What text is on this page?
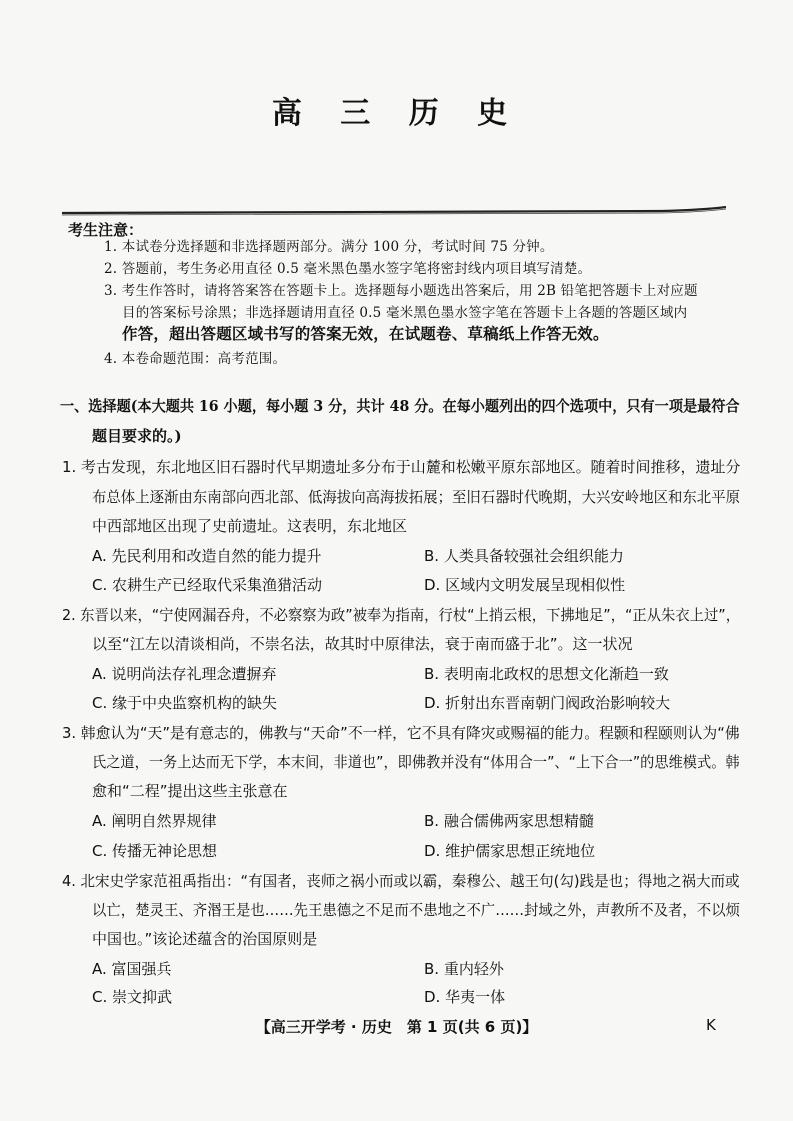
高 三 历 史
考生注意：
1. 本试卷分选择题和非选择题两部分。满分 100 分，考试时间 75 分钟。
2. 答题前，考生务必用直径 0.5 毫米黑色墨水签字笔将密封线内项目填写清楚。
3. 考生作答时，请将答案答在答题卡上。选择题每小题选出答案后，用 2B 铅笔把答题卡上对应题
目的答案标号涂黑；非选择题请用直径 0.5 毫米黑色墨水签字笔在答题卡上各题的答题区域内
作答，超出答题区域书写的答案无效，在试题卷、草稿纸上作答无效。
4. 本卷命题范围：高考范围。
一、选择题(本大题共 16 小题，每小题 3 分，共计 48 分。在每小题列出的四个选项中，只有一项是最符合
题目要求的。)
1. 考古发现，东北地区旧石器时代早期遗址多分布于山麓和松嫩平原东部地区。随着时间推移，遗址分
布总体上逐渐由东南部向西北部、低海拔向高海拔拓展；至旧石器时代晚期，大兴安岭地区和东北平原
中西部地区出现了史前遗址。这表明，东北地区
A. 先民利用和改造自然的能力提升	B. 人类具备较强社会组织能力
C. 农耕生产已经取代采集渔猎活动	D. 区域内文明发展呈现相似性
2. 东晋以来，“宁使网漏吞舟，不必察察为政”被奉为指南，行杖“上捎云根，下拂地足”，“正从朱衣上过”，
以至“江左以清谈相尚，不崇名法，故其时中原律法，衰于南而盛于北”。这一状况
A. 说明尚法存礼理念遭摒弃	B. 表明南北政权的思想文化渐趋一致
C. 缘于中央监察机构的缺失	D. 折射出东晋南朝门阀政治影响较大
3. 韩愈认为“天”是有意志的，佛教与“天命”不一样，它不具有降灾或赐福的能力。程颢和程颐则认为“佛
氏之道，一务上达而无下学，本末间，非道也”，即佛教并没有“体用合一”、“上下合一”的思维模式。韩
愈和“二程”提出这些主张意在
A. 阐明自然界规律	B. 融合儒佛两家思想精髓
C. 传播无神论思想	D. 维护儒家思想正统地位
4. 北宋史学家范祖禹指出：“有国者，丧师之祸小而或以霸，秦穆公、越王句(勾)践是也；得地之祸大而或
以亡，楚灵王、齐湣王是也……先王患德之不足而不患地之不广……封域之外，声教所不及者，不以烦
中国也。”该论述蕴含的治国原则是
A. 富国强兵	B. 重内轻外
C. 崇文抑武	D. 华夷一体
【高三开学考 · 历史　第 1 页(共 6 页)】	K
